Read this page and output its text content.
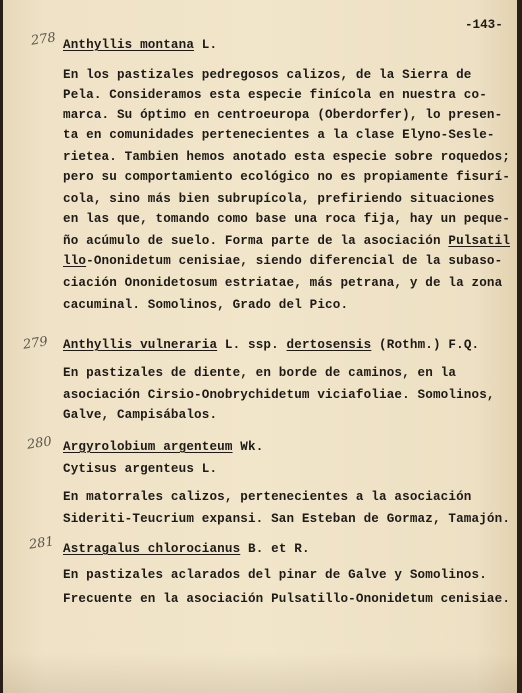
-143-
278
279
280
281
Anthyllis montana L.
En los pastizales pedregosos calizos, de la Sierra de
Pela. Consideramos esta especie finícola en nuestra co-
marca. Su óptimo en centroeuropa (Oberdorfer), lo presen-
ta en comunidades pertenecientes a la clase Elyno-Sesle-
rietea. Tambien hemos anotado esta especie sobre roquedos;
pero su comportamiento ecológico no es propiamente fisurí-
cola, sino más bien subrupícola, prefiriendo situaciones
en las que, tomando como base una roca fija, hay un peque-
ño acúmulo de suelo. Forma parte de la asociación Pulsatil
llo-Ononidetum cenisiae, siendo diferencial de la subaso-
ciación Ononidetosum estriatae, más petrana, y de la zona
cacuminal. Somolinos, Grado del Pico.
Anthyllis vulneraria L. ssp. dertosensis (Rothm.) F.Q.
En pastizales de diente, en borde de caminos, en la
asociación Cirsio-Onobrychidetum viciafoliae. Somolinos,
Galve, Campisábalos.
Argyrolobium argenteum Wk.
Cytisus argenteus L.
En matorrales calizos, pertenecientes a la asociación
Sideriti-Teucrium expansi. San Esteban de Gormaz, Tamajón.
Astragalus chlorocianus B. et R.
En pastizales aclarados del pinar de Galve y Somolinos.
Frecuente en la asociación Pulsatillo-Ononidetum cenisiae.
